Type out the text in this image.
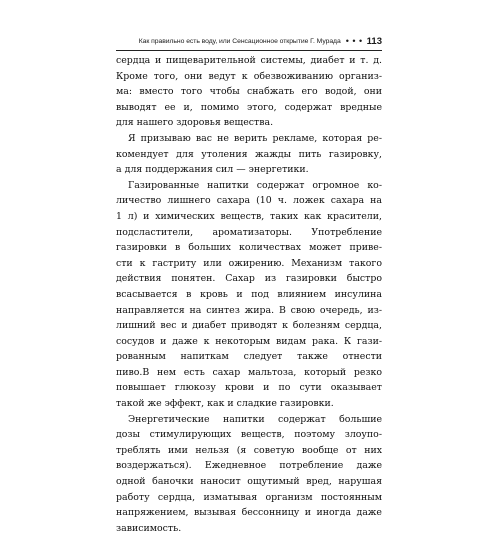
Как правильно есть воду, или Сенсационное открытие Г. Мурада • • • 113
сердца и пищеварительной системы, диабет и т. д.
Кроме того, они ведут к обезвоживанию организ-
ма: вместо того чтобы снабжать его водой, они
выводят ее и, помимо этого, содержат вредные
для нашего здоровья вещества.
Я призываю вас не верить рекламе, которая ре-
комендует для утоления жажды пить газировку,
а для поддержания сил — энергетики.
Газированные напитки содержат огромное ко-
личество лишнего сахара (10 ч. ложек сахара на
1 л) и химических веществ, таких как красители,
подсластители, ароматизаторы. Употребление
газировки в больших количествах может приве-
сти к гастриту или ожирению. Механизм такого
действия понятен. Сахар из газировки быстро
всасывается в кровь и под влиянием инсулина
направляется на синтез жира. В свою очередь, из-
лишний вес и диабет приводят к болезням сердца,
сосудов и даже к некоторым видам рака. К гази-
рованным напиткам следует также отнести
пиво.В нем есть сахар мальтоза, который резко
повышает глюкозу крови и по сути оказывает
такой же эффект, как и сладкие газировки.
Энергетические напитки содержат большие
дозы стимулирующих веществ, поэтому злоупо-
треблять ими нельзя (я советую вообще от них
воздержаться). Ежедневное потребление даже
одной баночки наносит ощутимый вред, нарушая
работу сердца, изматывая организм постоянным
напряжением, вызывая бессонницу и иногда даже
зависимость.
